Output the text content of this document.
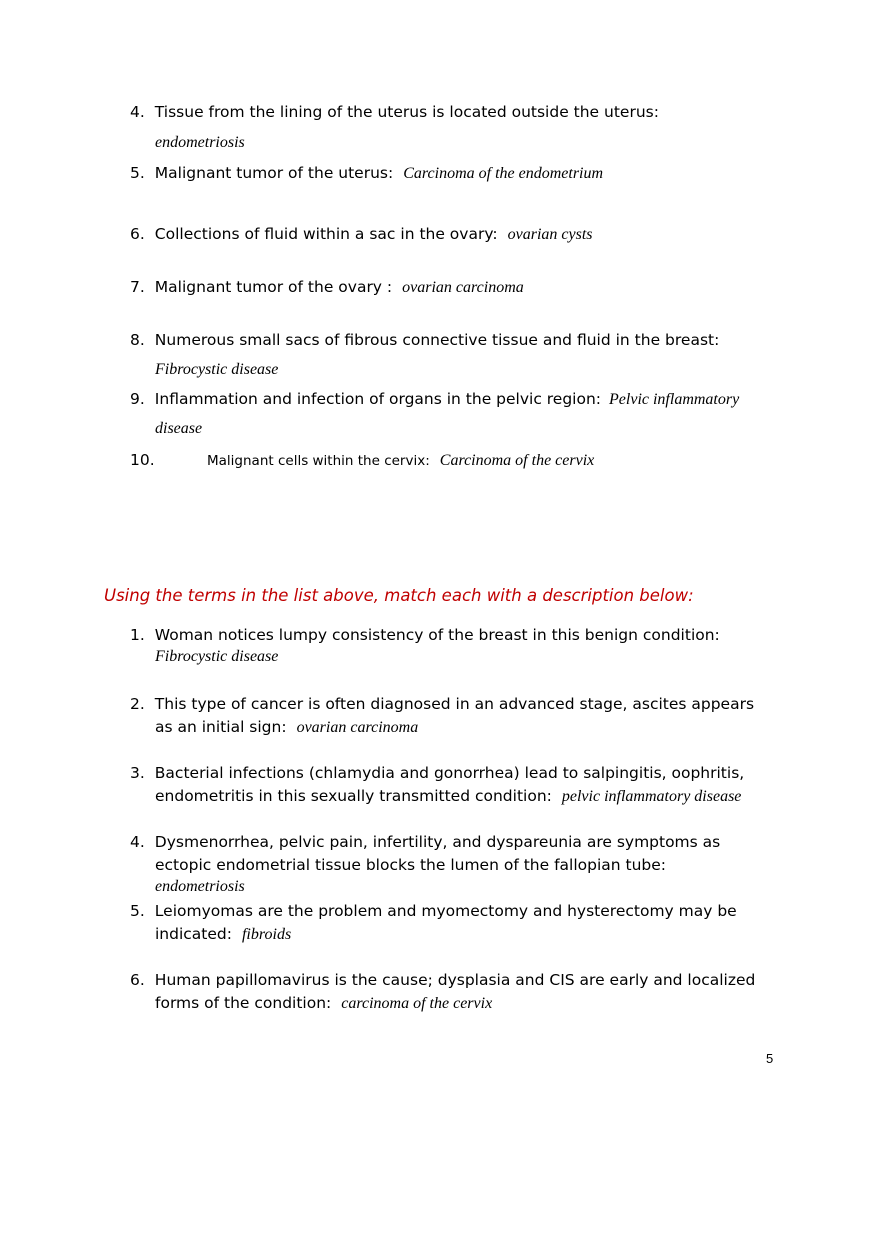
4. Tissue from the lining of the uterus is located outside the uterus:
endometriosis
5. Malignant tumor of the uterus: Carcinoma of the endometrium
6. Collections of fluid within a sac in the ovary: ovarian cysts
7. Malignant tumor of the ovary : ovarian carcinoma
8. Numerous small sacs of fibrous connective tissue and fluid in the breast:
Fibrocystic disease
9. Inflammation and infection of organs in the pelvic region: Pelvic inflammatory
disease
10.	Malignant cells within the cervix: Carcinoma of the cervix
Using the terms in the list above, match each with a description below:
1. Woman notices lumpy consistency of the breast in this benign condition:
Fibrocystic disease
2. This type of cancer is often diagnosed in an advanced stage, ascites appears
as an initial sign: ovarian carcinoma
3. Bacterial infections (chlamydia and gonorrhea) lead to salpingitis, oophritis,
endometritis in this sexually transmitted condition: pelvic inflammatory disease
4. Dysmenorrhea, pelvic pain, infertility, and dyspareunia are symptoms as
ectopic endometrial tissue blocks the lumen of the fallopian tube:
endometriosis
5. Leiomyomas are the problem and myomectomy and hysterectomy may be
indicated: fibroids
6. Human papillomavirus is the cause; dysplasia and CIS are early and localized
forms of the condition: carcinoma of the cervix
5
